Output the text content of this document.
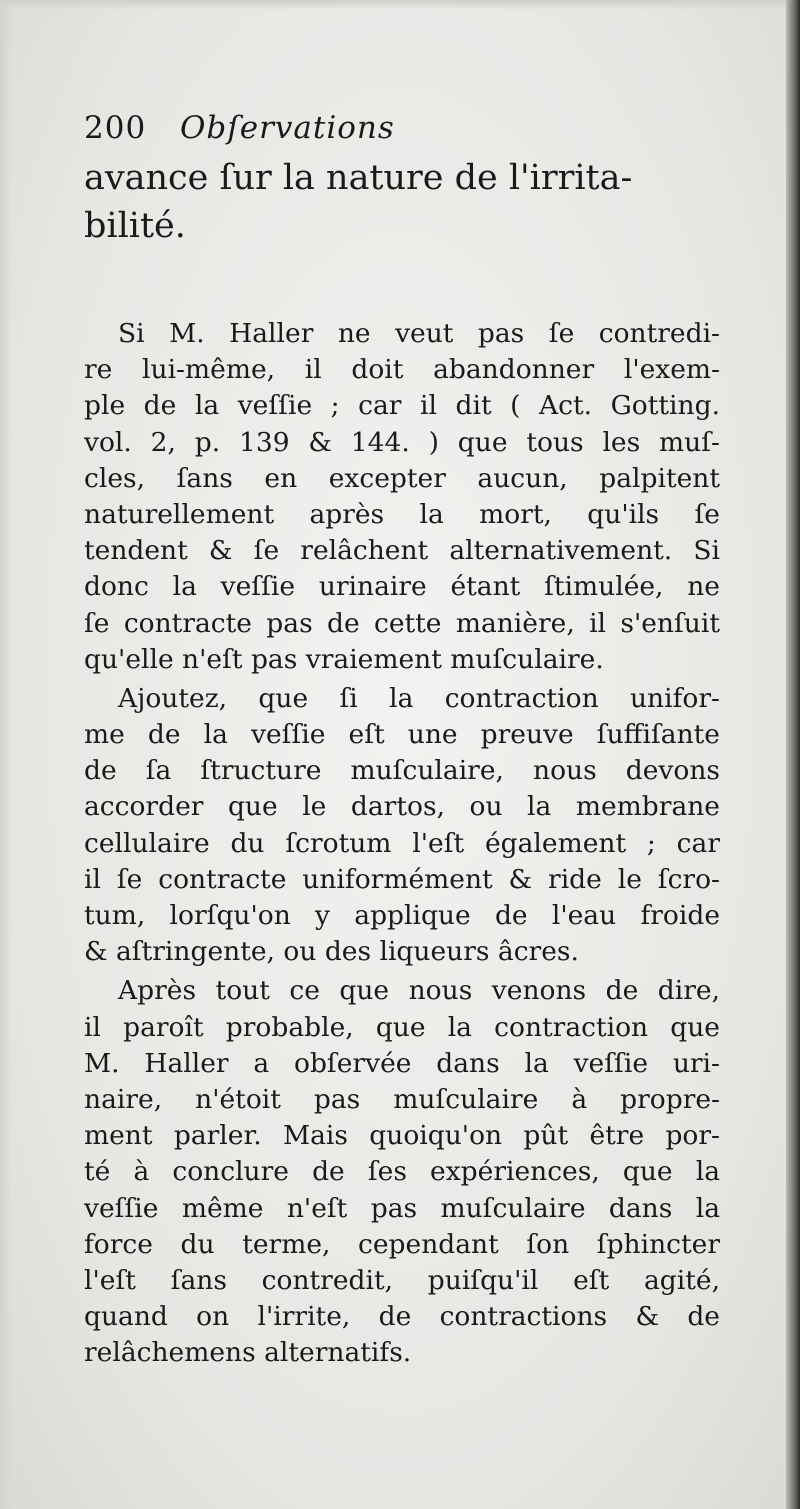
200	Obſervations
avance ſur la nature de l'irrita-
bilité.
Si M. Haller ne veut pas ſe contredi-
re lui-même, il doit abandonner l'exem-
ple de la veſſie ; car il dit ( Act. Gotting.
vol. 2, p. 139 & 144. ) que tous les muſ-
cles, ſans en excepter aucun, palpitent
naturellement après la mort, qu'ils ſe
tendent & ſe relâchent alternativement. Si
donc la veſſie urinaire étant ſtimulée, ne
ſe contracte pas de cette manière, il s'enſuit
qu'elle n'eſt pas vraiement muſculaire.
Ajoutez, que ſi la contraction unifor-
me de la veſſie eſt une preuve ſuffiſante
de ſa ſtructure muſculaire, nous devons
accorder que le dartos, ou la membrane
cellulaire du ſcrotum l'eſt également ; car
il ſe contracte uniformément & ride le ſcro-
tum, lorſqu'on y applique de l'eau froide
& aſtringente, ou des liqueurs âcres.
Après tout ce que nous venons de dire,
il paroît probable, que la contraction que
M. Haller a obſervée dans la veſſie uri-
naire, n'étoit pas muſculaire à propre-
ment parler. Mais quoiqu'on pût être por-
té à conclure de ſes expériences, que la
veſſie même n'eſt pas muſculaire dans la
force du terme, cependant ſon ſphincter
l'eſt ſans contredit, puiſqu'il eſt agité,
quand on l'irrite, de contractions & de
relâchemens alternatifs.
